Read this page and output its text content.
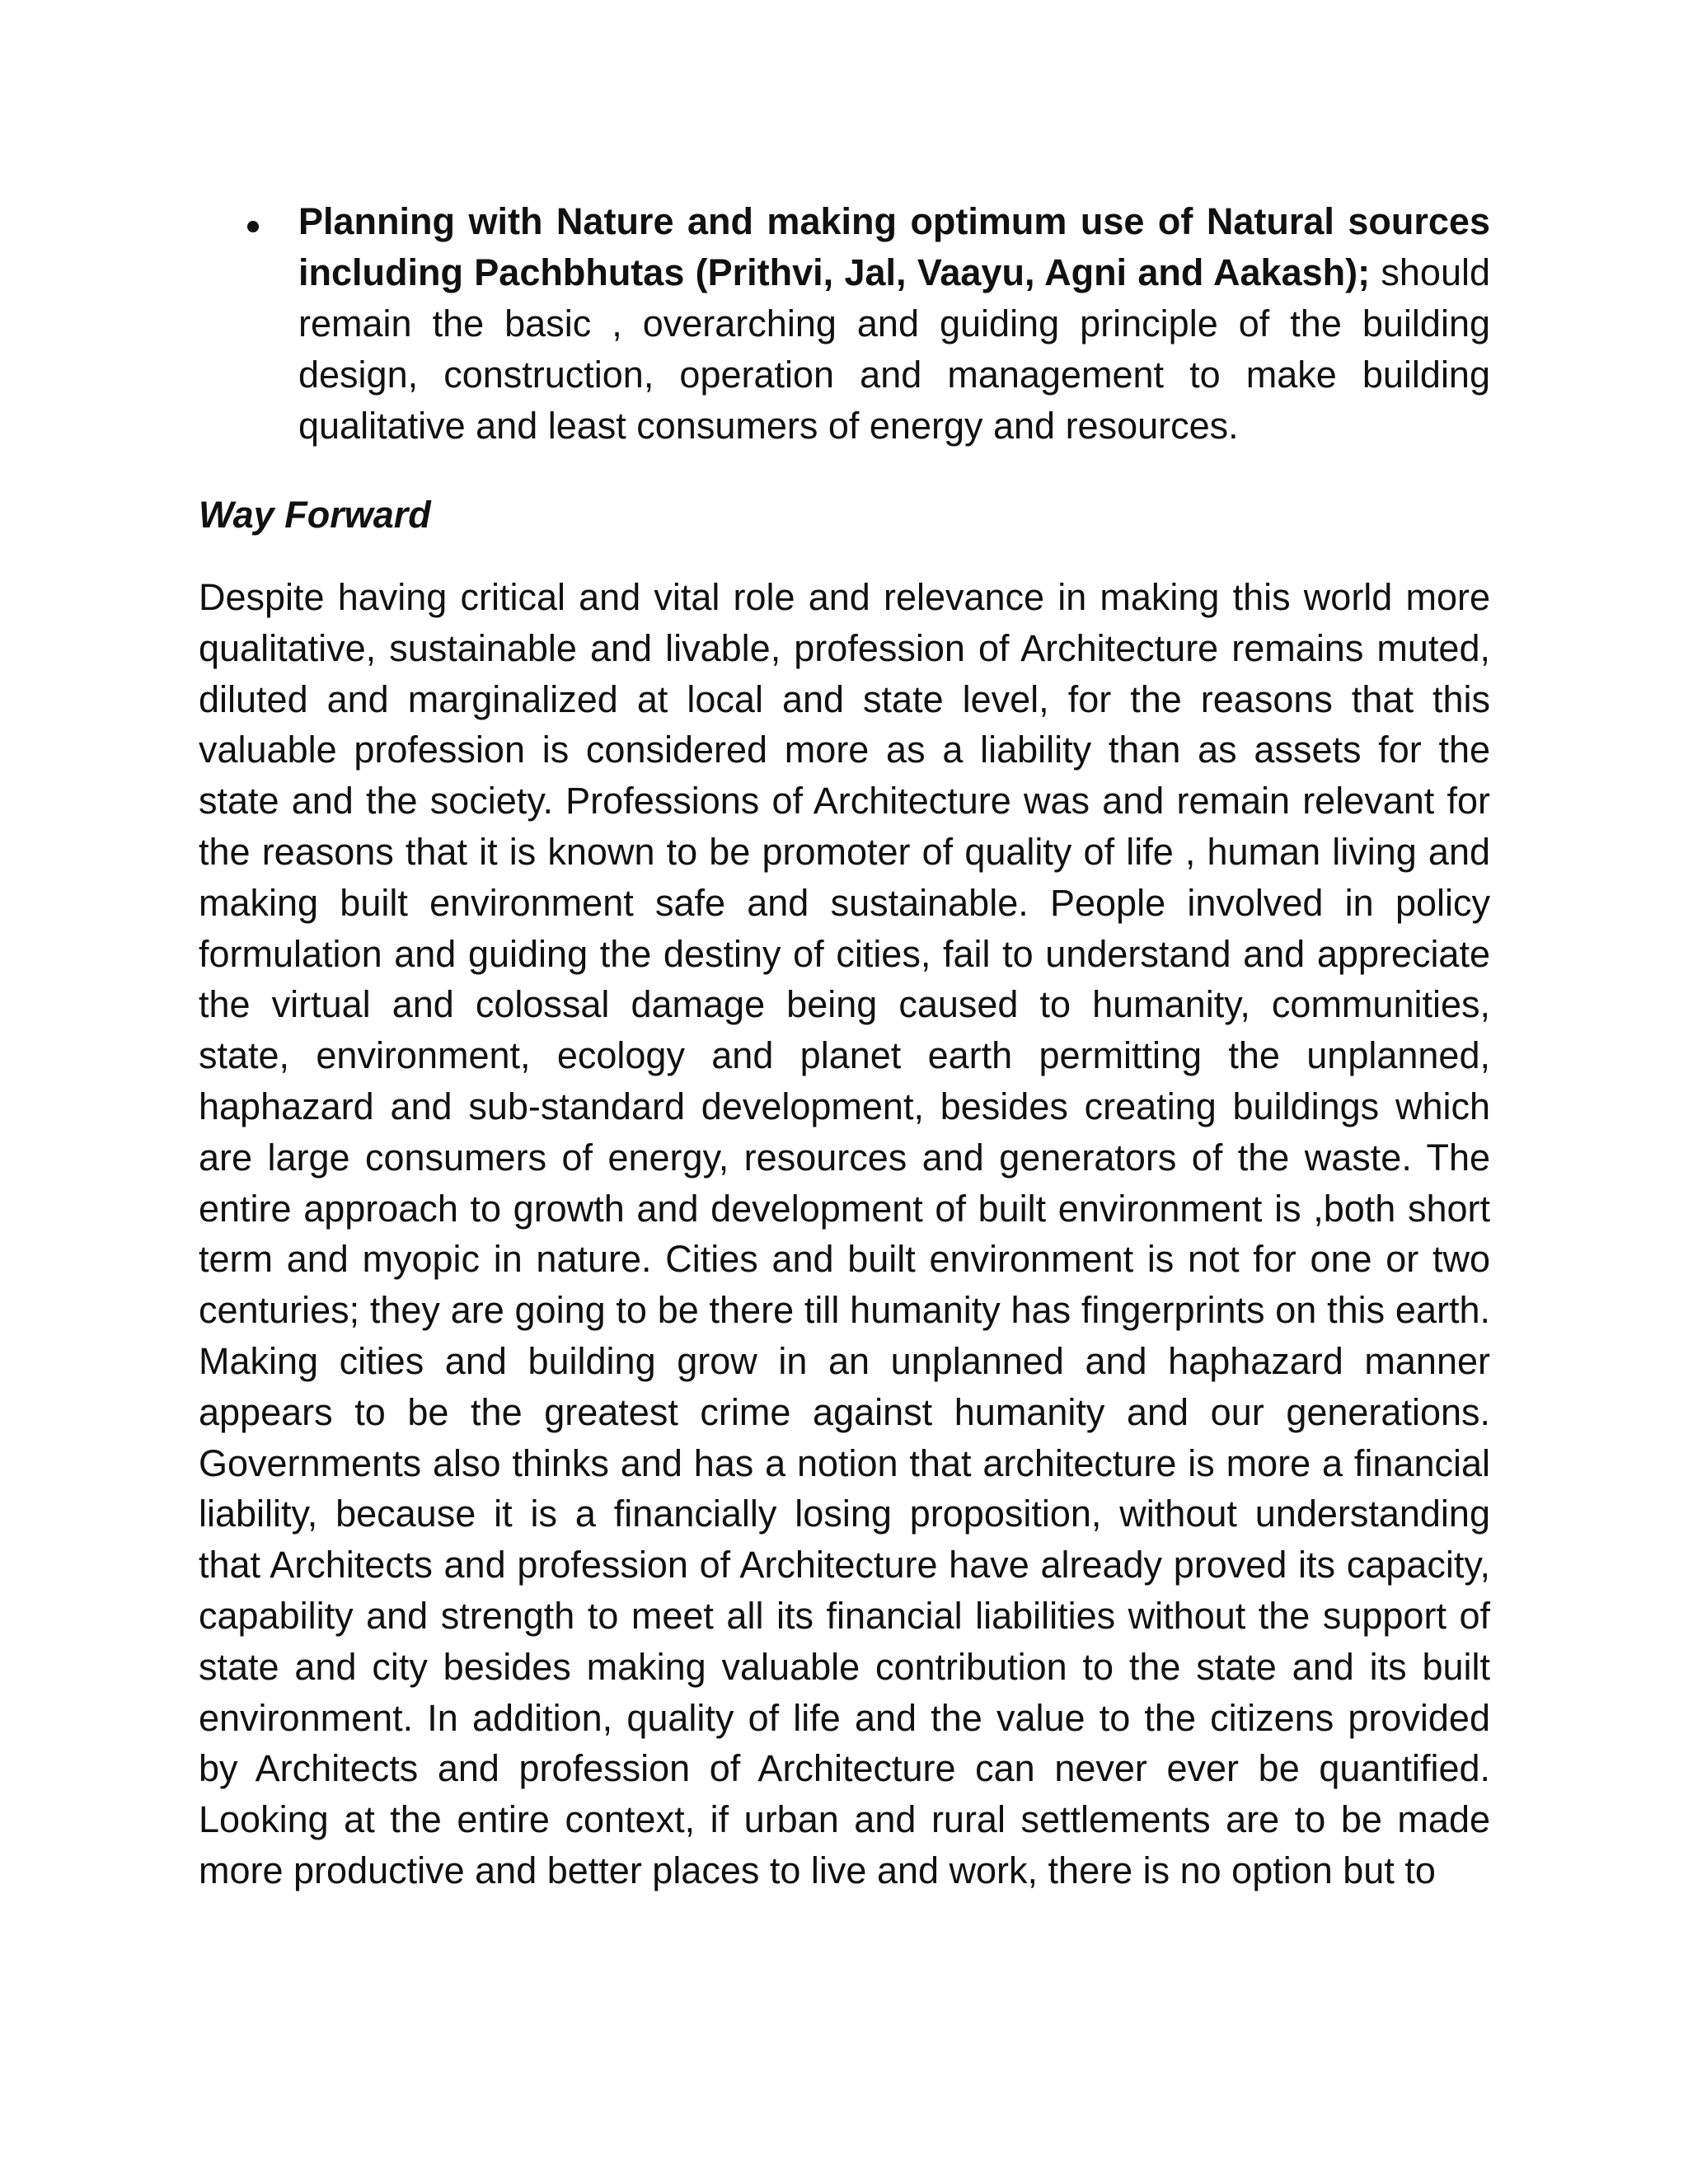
Planning with Nature and making optimum use of Natural sources including Pachbhutas (Prithvi, Jal, Vaayu, Agni and Aakash); should remain the basic , overarching and guiding principle of the building design, construction, operation and management to make building qualitative and least consumers of energy and resources.

Way Forward

Despite having critical and vital role and relevance in making this world more qualitative, sustainable and livable, profession of Architecture remains muted, diluted and marginalized at local and state level, for the reasons that this valuable profession is considered more as a liability than as assets for the state and the society. Professions of Architecture was and remain relevant for the reasons that it is known to be promoter of quality of life , human living and making built environment safe and sustainable. People involved in policy formulation and guiding the destiny of cities, fail to understand and appreciate the virtual and colossal damage being caused to humanity, communities, state, environment, ecology and planet earth permitting the unplanned, haphazard and sub-standard development, besides creating buildings which are large consumers of energy, resources and generators of the waste. The entire approach to growth and development of built environment is ,both short term and myopic in nature. Cities and built environment is not for one or two centuries; they are going to be there till humanity has fingerprints on this earth. Making cities and building grow in an unplanned and haphazard manner appears to be the greatest crime against humanity and our generations. Governments also thinks and has a notion that architecture is more a financial liability, because it is a financially losing proposition, without understanding that Architects and profession of Architecture have already proved its capacity, capability and strength to meet all its financial liabilities without the support of state and city besides making valuable contribution to the state and its built environment. In addition, quality of life and the value to the citizens provided by Architects and profession of Architecture can never ever be quantified. Looking at the entire context, if urban and rural settlements are to be made more productive and better places to live and work, there is no option but to
